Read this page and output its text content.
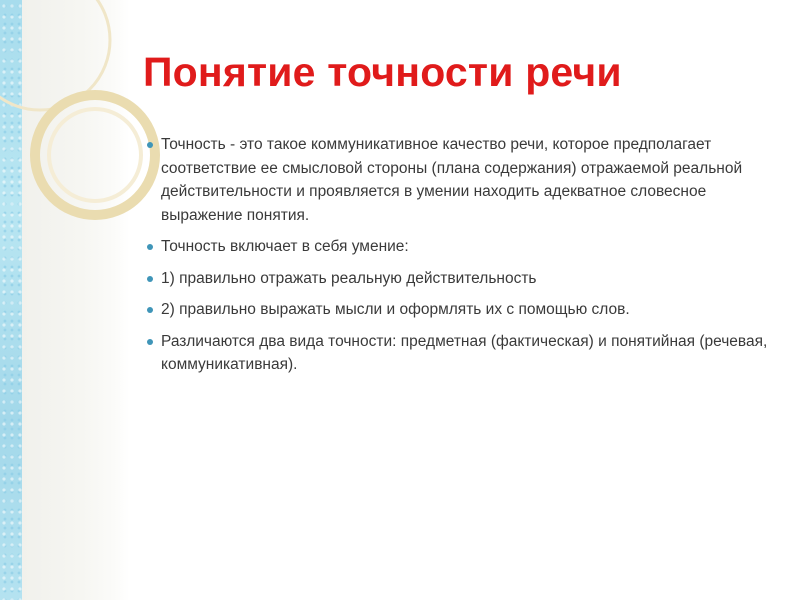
Понятие точности речи
Точность - это такое коммуникативное качество речи, которое предполагает соответствие ее смысловой стороны (плана содержания) отражаемой реальной действительности и проявляется в умении находить адекватное словесное выражение понятия.
Точность включает в себя умение:
1) правильно отражать реальную действительность
2) правильно выражать мысли и оформлять их с помощью слов.
Различаются два вида точности: предметная (фактическая) и понятийная (речевая, коммуникативная).
